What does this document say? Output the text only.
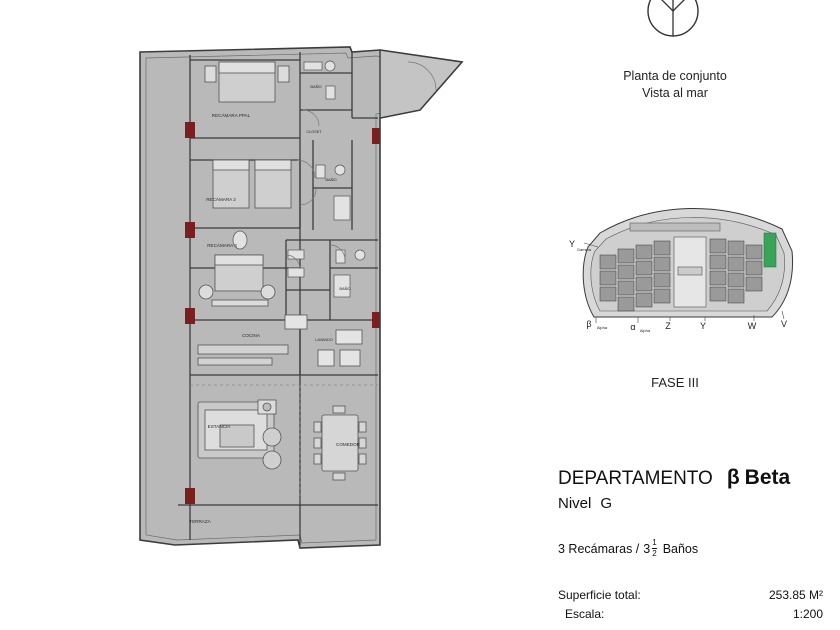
RECÁMARA PPAL
BAÑO
CLOSET
RECÁMARA 2
BAÑO
RECÁMARA 3
BAÑO
COCINA
LAVANDO
ESTANCIA
COMEDOR
TERRAZA
Planta de conjunto
Vista al mar
Y
Gamma
β Alpha	α Alpha Z	Y	W	V
FASE III
DEPARTAMENTO β Beta
Nivel G
3 Recámaras / $3 \frac{1}{2}$ Baños
Superficie total:	253.85 M²
Escala:	1:200
